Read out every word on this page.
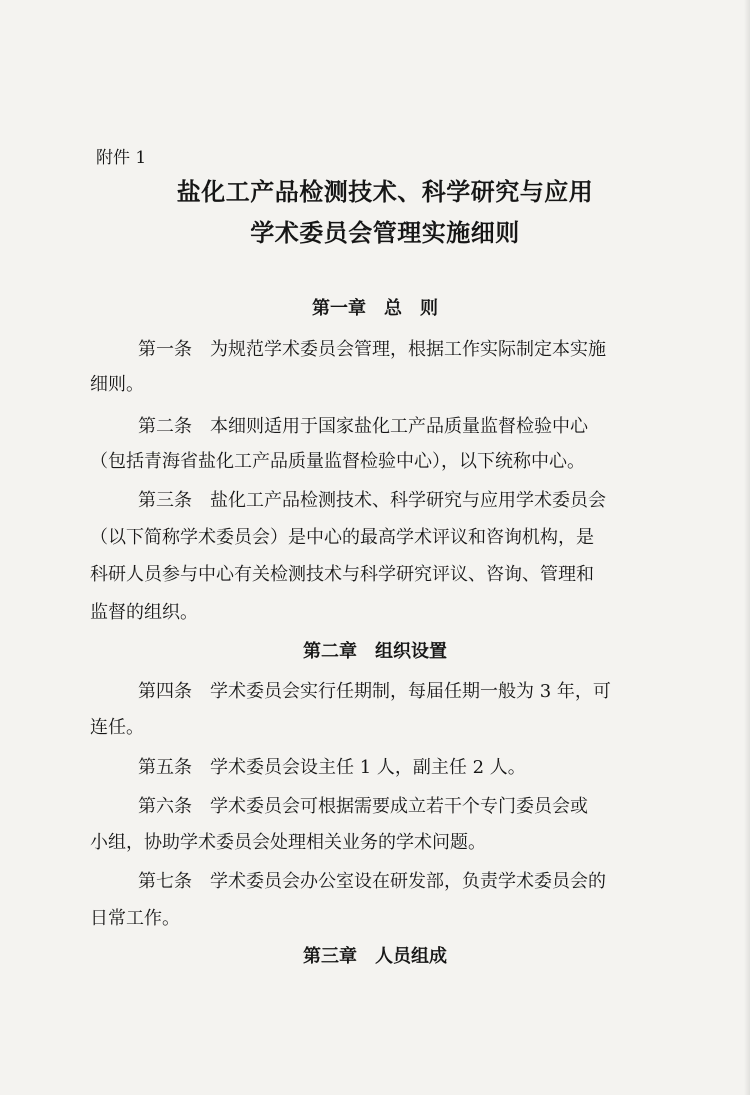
附件 1
盐化工产品检测技术、科学研究与应用
学术委员会管理实施细则
第一章　总　则
第一条　为规范学术委员会管理，根据工作实际制定本实施
细则。
第二条　本细则适用于国家盐化工产品质量监督检验中心
（包括青海省盐化工产品质量监督检验中心），以下统称中心。
第三条　盐化工产品检测技术、科学研究与应用学术委员会
（以下简称学术委员会）是中心的最高学术评议和咨询机构，是
科研人员参与中心有关检测技术与科学研究评议、咨询、管理和
监督的组织。
第二章　组织设置
第四条　学术委员会实行任期制，每届任期一般为 3 年，可
连任。
第五条　学术委员会设主任 1 人，副主任 2 人。
第六条　学术委员会可根据需要成立若干个专门委员会或
小组，协助学术委员会处理相关业务的学术问题。
第七条　学术委员会办公室设在研发部，负责学术委员会的
日常工作。
第三章　人员组成
